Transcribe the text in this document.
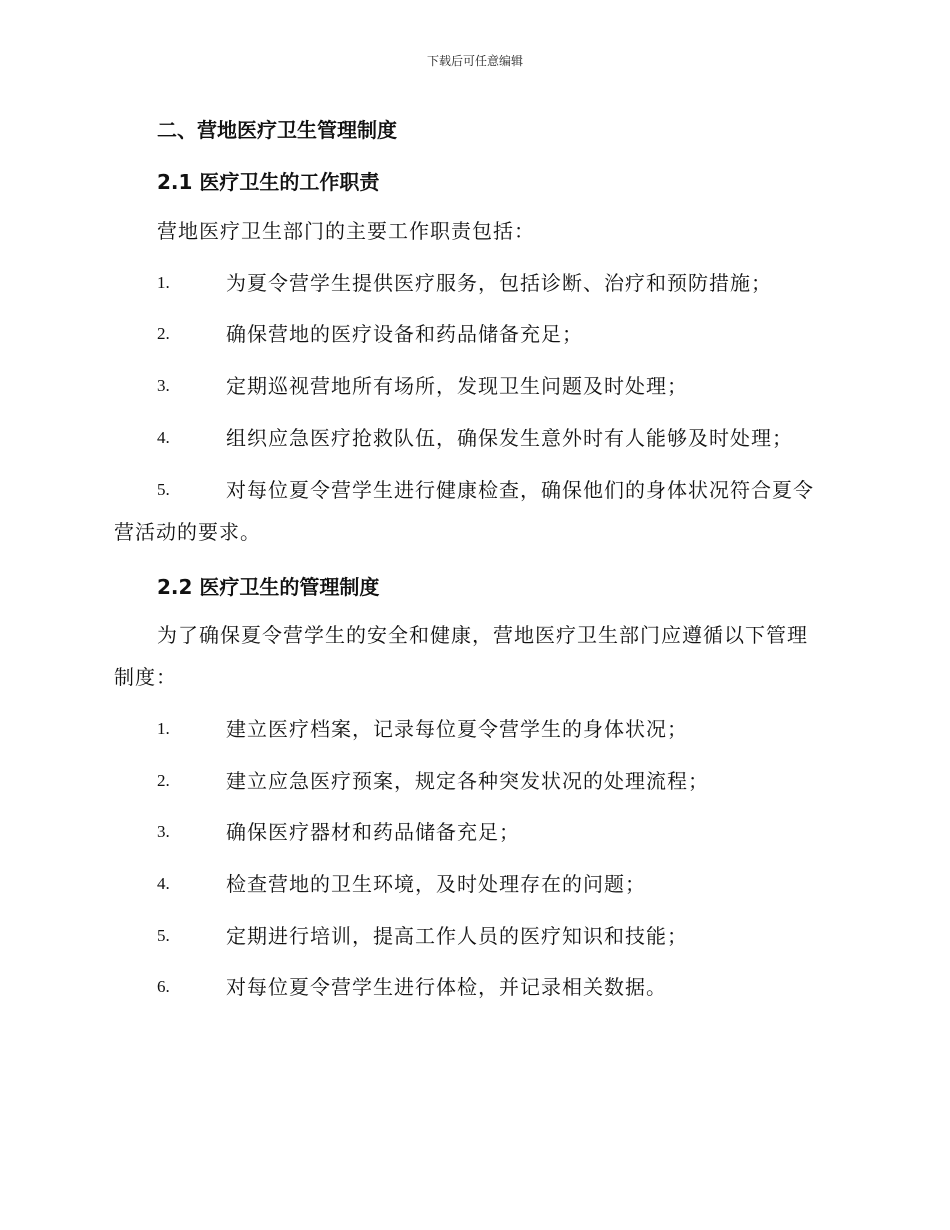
下载后可任意编辑
二、营地医疗卫生管理制度
2.1 医疗卫生的工作职责
营地医疗卫生部门的主要工作职责包括：
1.	为夏令营学生提供医疗服务，包括诊断、治疗和预防措施；
2.	确保营地的医疗设备和药品储备充足；
3.	定期巡视营地所有场所，发现卫生问题及时处理；
4.	组织应急医疗抢救队伍，确保发生意外时有人能够及时处理；
5.	对每位夏令营学生进行健康检查，确保他们的身体状况符合夏令
营活动的要求。
2.2 医疗卫生的管理制度
为了确保夏令营学生的安全和健康，营地医疗卫生部门应遵循以下管理
制度：
1.	建立医疗档案，记录每位夏令营学生的身体状况；
2.	建立应急医疗预案，规定各种突发状况的处理流程；
3.	确保医疗器材和药品储备充足；
4.	检查营地的卫生环境，及时处理存在的问题；
5.	定期进行培训，提高工作人员的医疗知识和技能；
6.	对每位夏令营学生进行体检，并记录相关数据。
